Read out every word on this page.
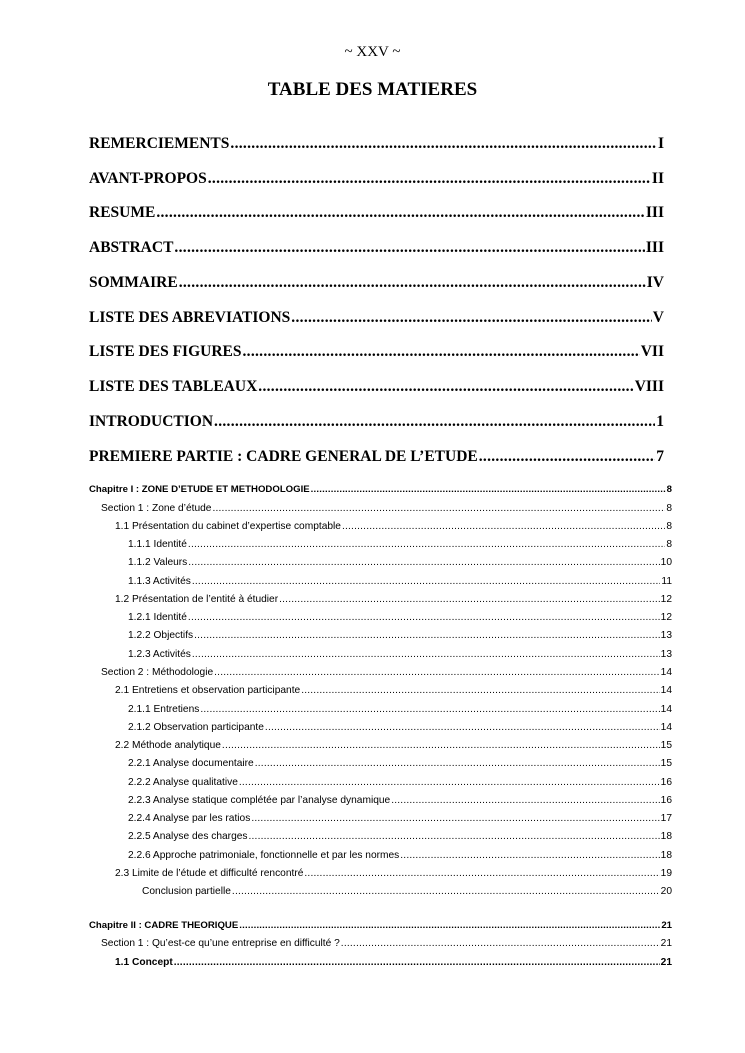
~ XXV ~
TABLE DES MATIERES
REMERCIEMENTS .....	I
AVANT-PROPOS .....	II
RESUME .....	III
ABSTRACT .....	III
SOMMAIRE .....	IV
LISTE DES ABREVIATIONS .....	V
LISTE DES FIGURES .....	VII
LISTE DES TABLEAUX .....	VIII
INTRODUCTION .....	1
PREMIERE PARTIE : CADRE GENERAL DE L’ETUDE .....	7
Chapitre I : ZONE D’ETUDE ET METHODOLOGIE .....	8
Section 1 : Zone d’étude .....	8
1.1 Présentation du cabinet d’expertise comptable .....	8
1.1.1 Identité .....	8
1.1.2 Valeurs .....	10
1.1.3 Activités .....	11
1.2 Présentation de l’entité à étudier .....	12
1.2.1 Identité .....	12
1.2.2 Objectifs .....	13
1.2.3 Activités .....	13
Section 2 : Méthodologie .....	14
2.1 Entretiens et observation participante .....	14
2.1.1 Entretiens .....	14
2.1.2 Observation participante .....	14
2.2 Méthode analytique .....	15
2.2.1 Analyse documentaire .....	15
2.2.2 Analyse qualitative .....	16
2.2.3 Analyse statique complétée par l’analyse dynamique .....	16
2.2.4 Analyse par les ratios .....	17
2.2.5 Analyse des charges .....	18
2.2.6 Approche patrimoniale, fonctionnelle et par les normes .....	18
2.3 Limite de l’étude et difficulté rencontré .....	19
Conclusion partielle .....	20
Chapitre II : CADRE THEORIQUE .....	21
Section 1 : Qu’est-ce qu’une entreprise en difficulté ? .....	21
1.1 Concept .....	21
